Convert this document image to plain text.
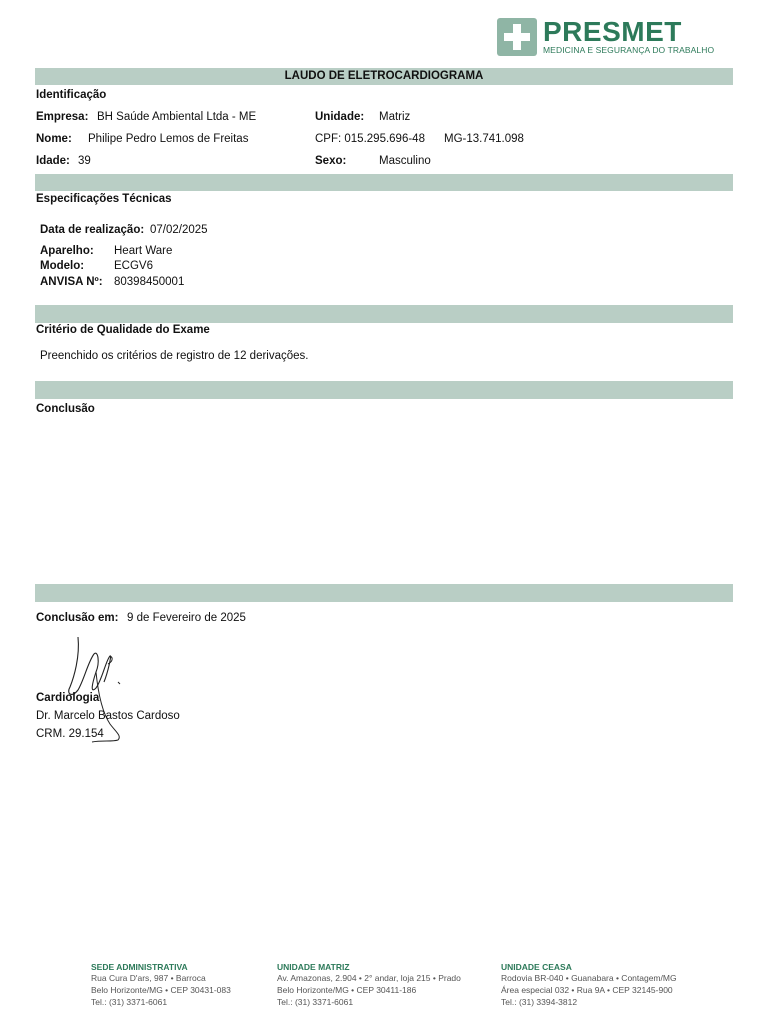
PRESMET
MEDICINA E SEGURANÇA DO TRABALHO
LAUDO DE ELETROCARDIOGRAMA
Identificação
Empresa: BH Saúde Ambiental Ltda - ME	Unidade: Matriz
Nome: Philipe Pedro Lemos de Freitas	CPF: 015.295.696-48 MG-13.741.098
Idade: 39	Sexo:	Masculino
Especificações Técnicas
Data de realização: 07/02/2025
Aparelho: Heart Ware
Modelo:	ECGV6
ANVISA Nº: 80398450001
Critério de Qualidade do Exame
Preenchido os critérios de registro de 12 derivações.
Conclusão
Conclusão em: 9 de Fevereiro de 2025
Cardiologia
Dr. Marcelo Bastos Cardoso
CRM. 29.154
SEDE ADMINISTRATIVA
Rua Cura D'ars, 987 • Barroca
Belo Horizonte/MG • CEP 30431-083
Tel.: (31) 3371-6061
UNIDADE MATRIZ
Av. Amazonas, 2.904 • 2° andar, loja 215 • Prado
Belo Horizonte/MG • CEP 30411-186
Tel.: (31) 3371-6061
UNIDADE CEASA
Rodovia BR-040 • Guanabara • Contagem/MG
Área especial 032 • Rua 9A • CEP 32145-900
Tel.: (31) 3394-3812
